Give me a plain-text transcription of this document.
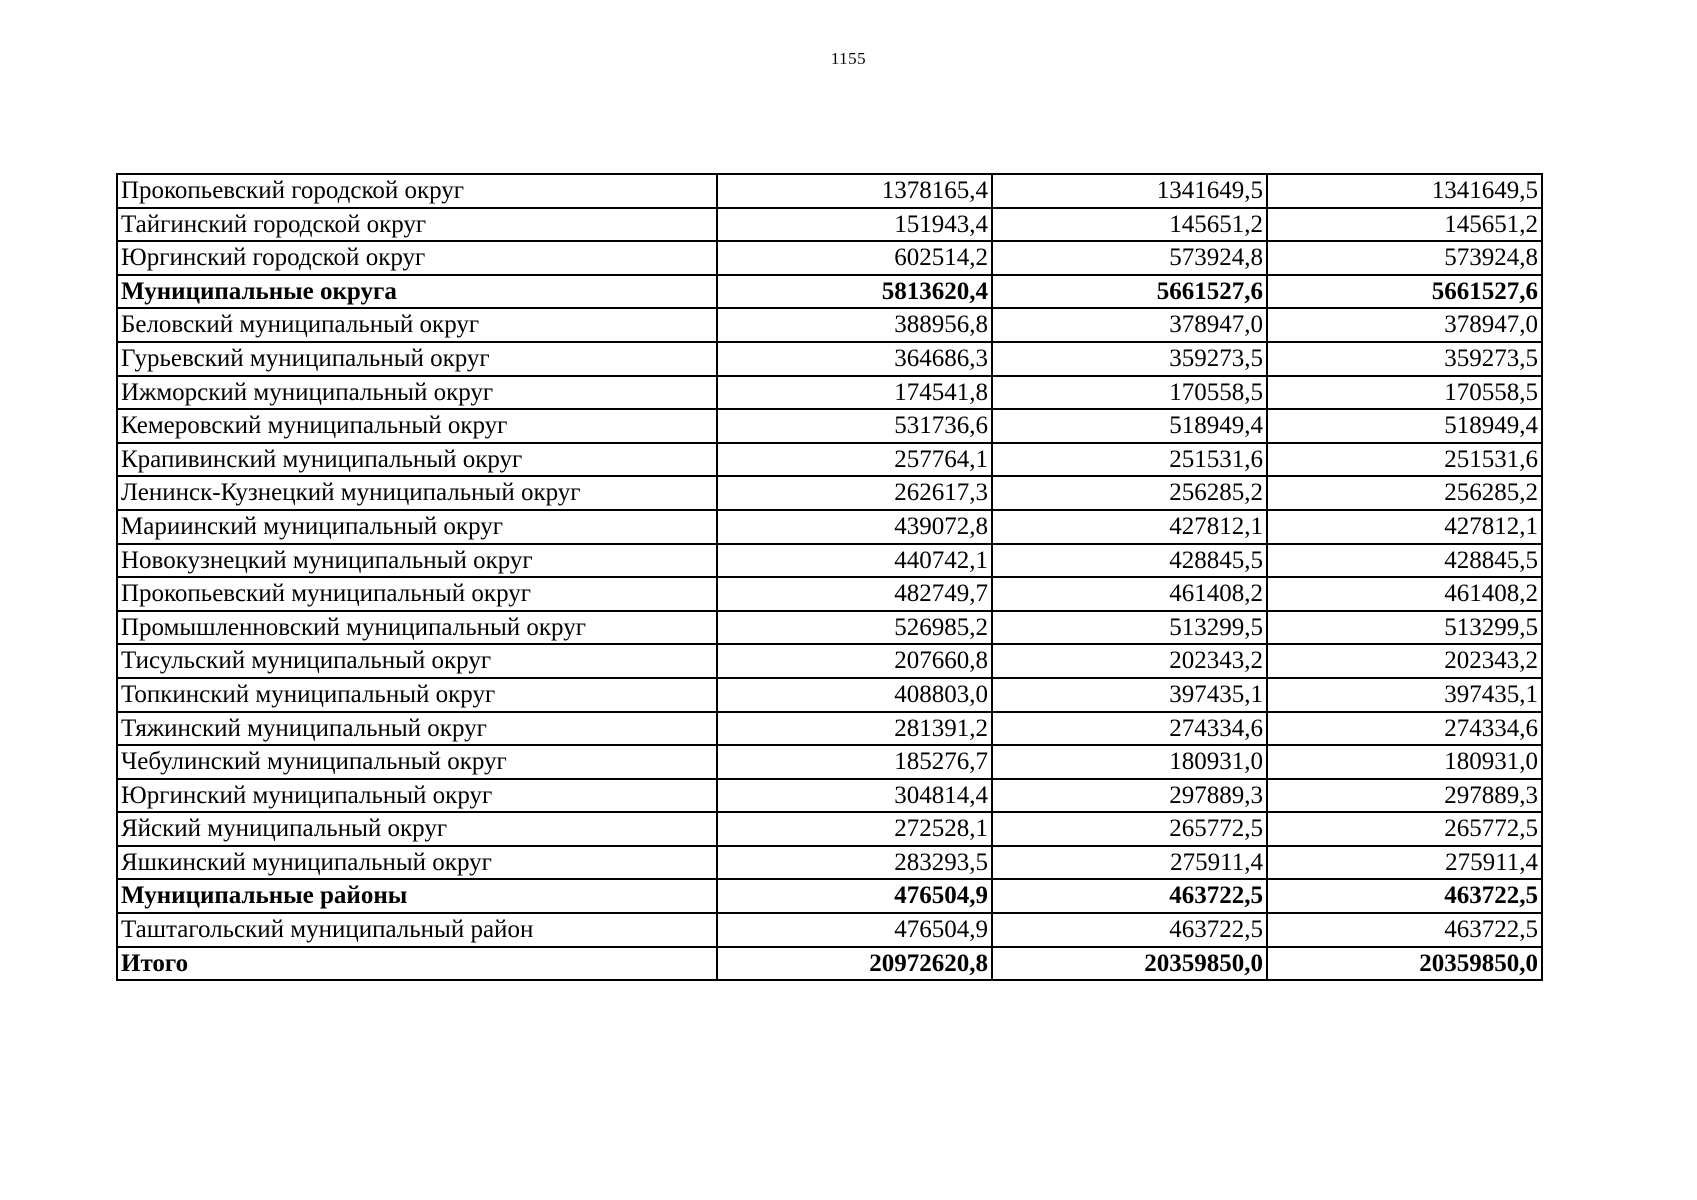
1155
Прокопьевский городской округ	1378165,4	1341649,5	1341649,5
Тайгинский городской округ	151943,4	145651,2	145651,2
Юргинский городской округ	602514,2	573924,8	573924,8
Муниципальные округа	5813620,4	5661527,6	5661527,6
Беловский муниципальный округ	388956,8	378947,0	378947,0
Гурьевский муниципальный округ	364686,3	359273,5	359273,5
Ижморский муниципальный округ	174541,8	170558,5	170558,5
Кемеровский муниципальный округ	531736,6	518949,4	518949,4
Крапивинский муниципальный округ	257764,1	251531,6	251531,6
Ленинск-Кузнецкий муниципальный округ	262617,3	256285,2	256285,2
Мариинский муниципальный округ	439072,8	427812,1	427812,1
Новокузнецкий муниципальный округ	440742,1	428845,5	428845,5
Прокопьевский муниципальный округ	482749,7	461408,2	461408,2
Промышленновский муниципальный округ	526985,2	513299,5	513299,5
Тисульский муниципальный округ	207660,8	202343,2	202343,2
Топкинский муниципальный округ	408803,0	397435,1	397435,1
Тяжинский муниципальный округ	281391,2	274334,6	274334,6
Чебулинский муниципальный округ	185276,7	180931,0	180931,0
Юргинский муниципальный округ	304814,4	297889,3	297889,3
Яйский муниципальный округ	272528,1	265772,5	265772,5
Яшкинский муниципальный округ	283293,5	275911,4	275911,4
Муниципальные районы	476504,9	463722,5	463722,5
Таштагольский муниципальный район	476504,9	463722,5	463722,5
Итого	20972620,8	20359850,0	20359850,0
